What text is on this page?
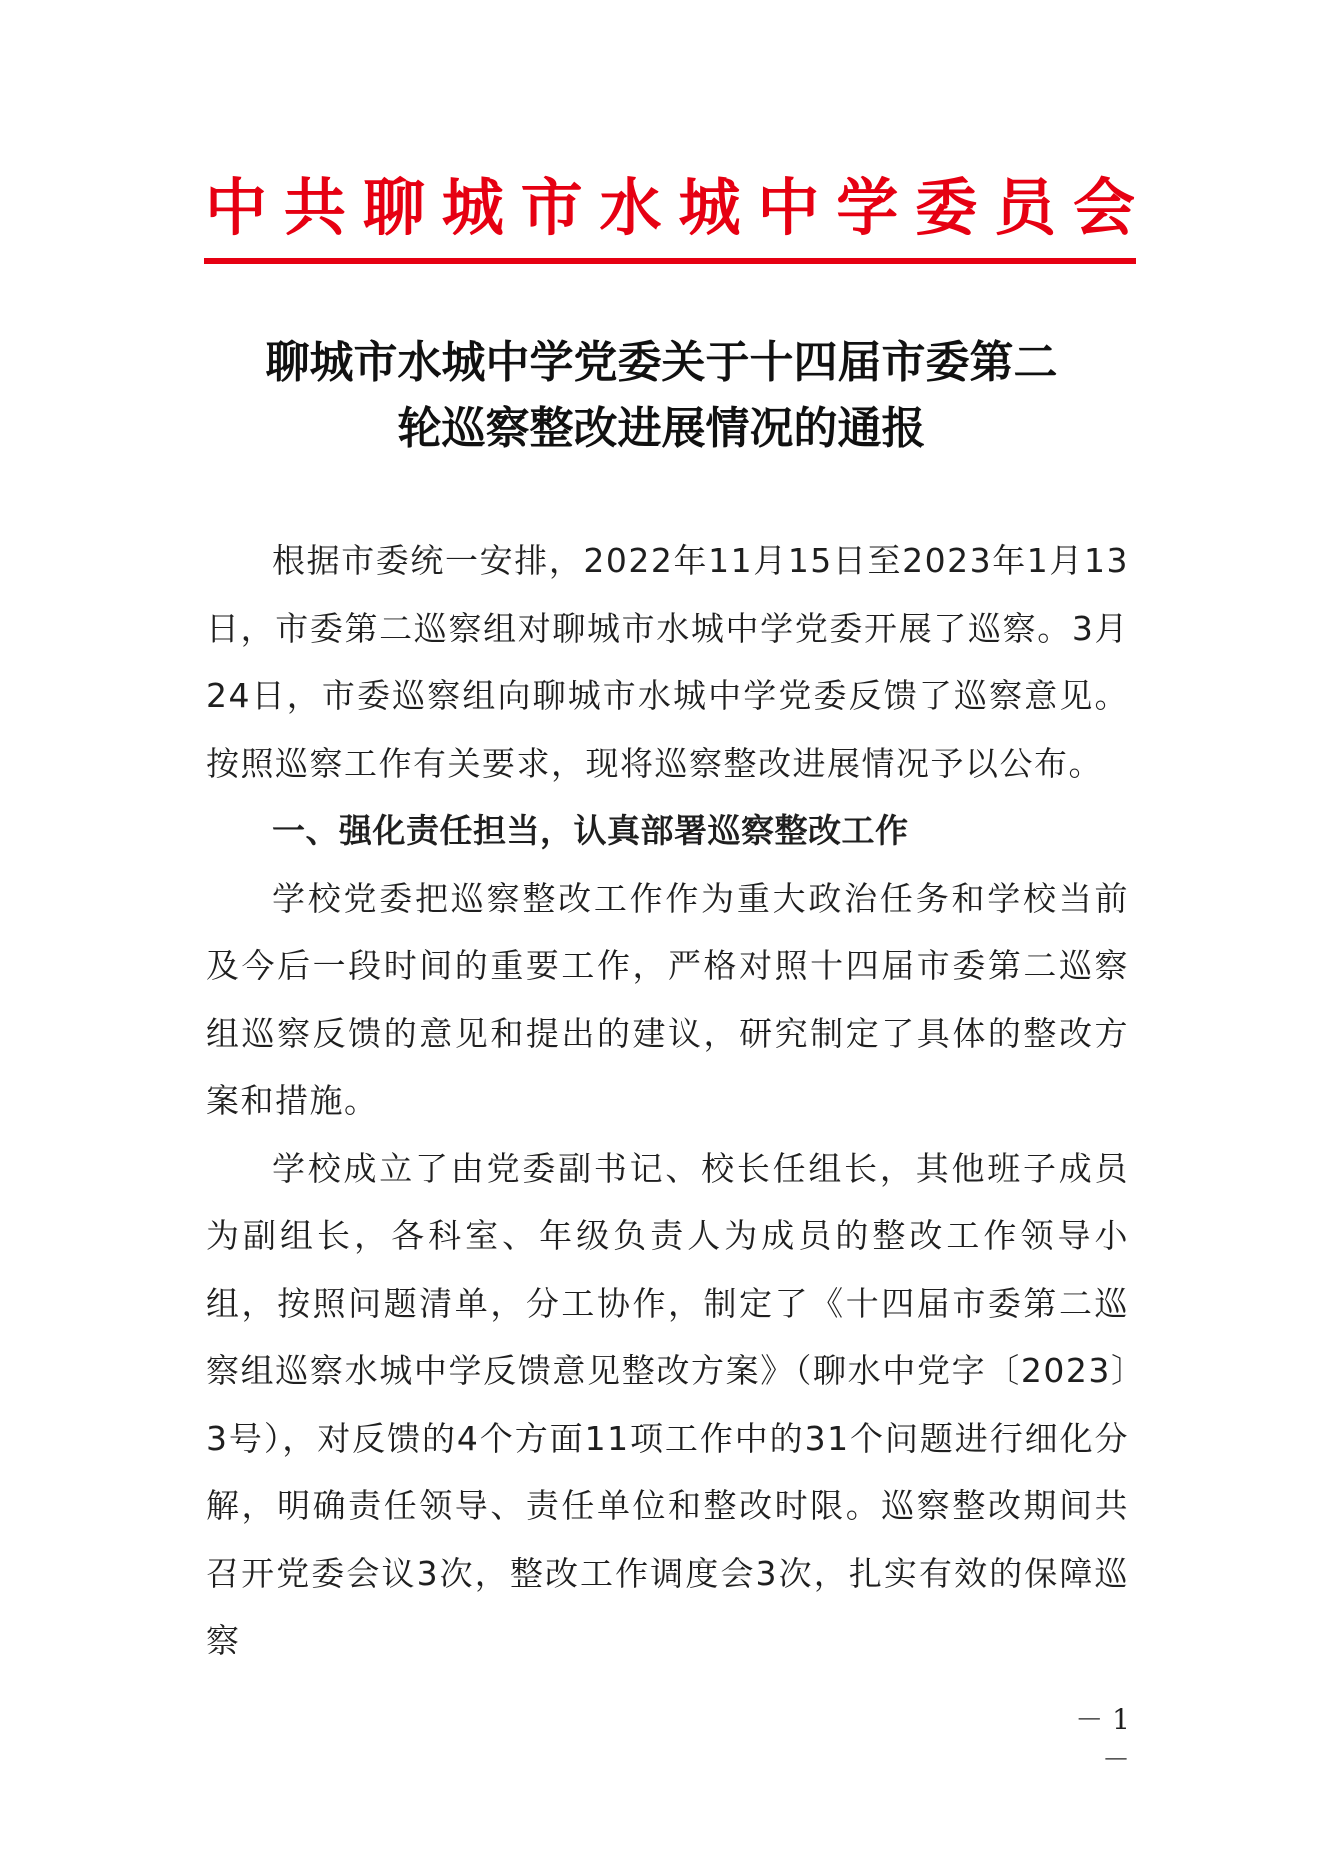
中 共 聊 城 市 水 城 中 学 委 员 会
聊城市水城中学党委关于十四届市委第二
轮巡察整改进展情况的通报

根据市委统一安排，2022年11月15日至2023年1月13日，市委第二巡察组对聊城市水城中学党委开展了巡察。3月24日，市委巡察组向聊城市水城中学党委反馈了巡察意见。按照巡察工作有关要求，现将巡察整改进展情况予以公布。

一、强化责任担当，认真部署巡察整改工作

学校党委把巡察整改工作作为重大政治任务和学校当前及今后一段时间的重要工作，严格对照十四届市委第二巡察组巡察反馈的意见和提出的建议，研究制定了具体的整改方案和措施。

学校成立了由党委副书记、校长任组长，其他班子成员为副组长，各科室、年级负责人为成员的整改工作领导小组，按照问题清单，分工协作，制定了《十四届市委第二巡察组巡察水城中学反馈意见整改方案》（聊水中党字〔2023〕3号），对反馈的4个方面11项工作中的31个问题进行细化分解，明确责任领导、责任单位和整改时限。巡察整改期间共召开党委会议3次，整改工作调度会3次，扎实有效的保障巡察

－ 1 －
